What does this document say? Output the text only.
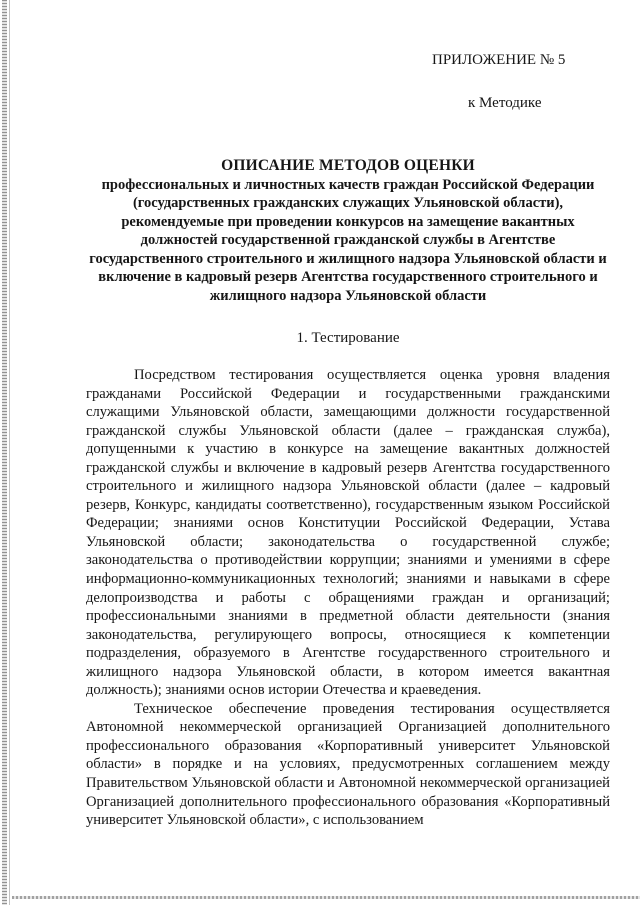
ПРИЛОЖЕНИЕ № 5
к Методике
ОПИСАНИЕ МЕТОДОВ ОЦЕНКИ
профессиональных и личностных качеств граждан Российской Федерации (государственных гражданских служащих Ульяновской области), рекомендуемые при проведении конкурсов на замещение вакантных должностей государственной гражданской службы в Агентстве государственного строительного и жилищного надзора Ульяновской области и включение в кадровый резерв Агентства государственного строительного и жилищного надзора Ульяновской области
1. Тестирование

Посредством тестирования осуществляется оценка уровня владения гражданами Российской Федерации и государственными гражданскими служащими Ульяновской области, замещающими должности государственной гражданской службы Ульяновской области (далее – гражданская служба), допущенными к участию в конкурсе на замещение вакантных должностей гражданской службы и включение в кадровый резерв Агентства государственного строительного и жилищного надзора Ульяновской области (далее – кадровый резерв, Конкурс, кандидаты соответственно), государственным языком Российской Федерации; знаниями основ Конституции Российской Федерации, Устава Ульяновской области; законодательства о государственной службе; законодательства о противодействии коррупции; знаниями и умениями в сфере информационно-коммуникационных технологий; знаниями и навыками в сфере делопроизводства и работы с обращениями граждан и организаций; профессиональными знаниями в предметной области деятельности (знания законодательства, регулирующего вопросы, относящиеся к компетенции подразделения, образуемого в Агентстве государственного строительного и жилищного надзора Ульяновской области, в котором имеется вакантная должность); знаниями основ истории Отечества и краеведения.

Техническое обеспечение проведения тестирования осуществляется Автономной некоммерческой организацией Организацией дополнительного профессионального образования «Корпоративный университет Ульяновской области» в порядке и на условиях, предусмотренных соглашением между Правительством Ульяновской области и Автономной некоммерческой организацией Организацией дополнительного профессионального образования «Корпоративный университет Ульяновской области», с использованием
